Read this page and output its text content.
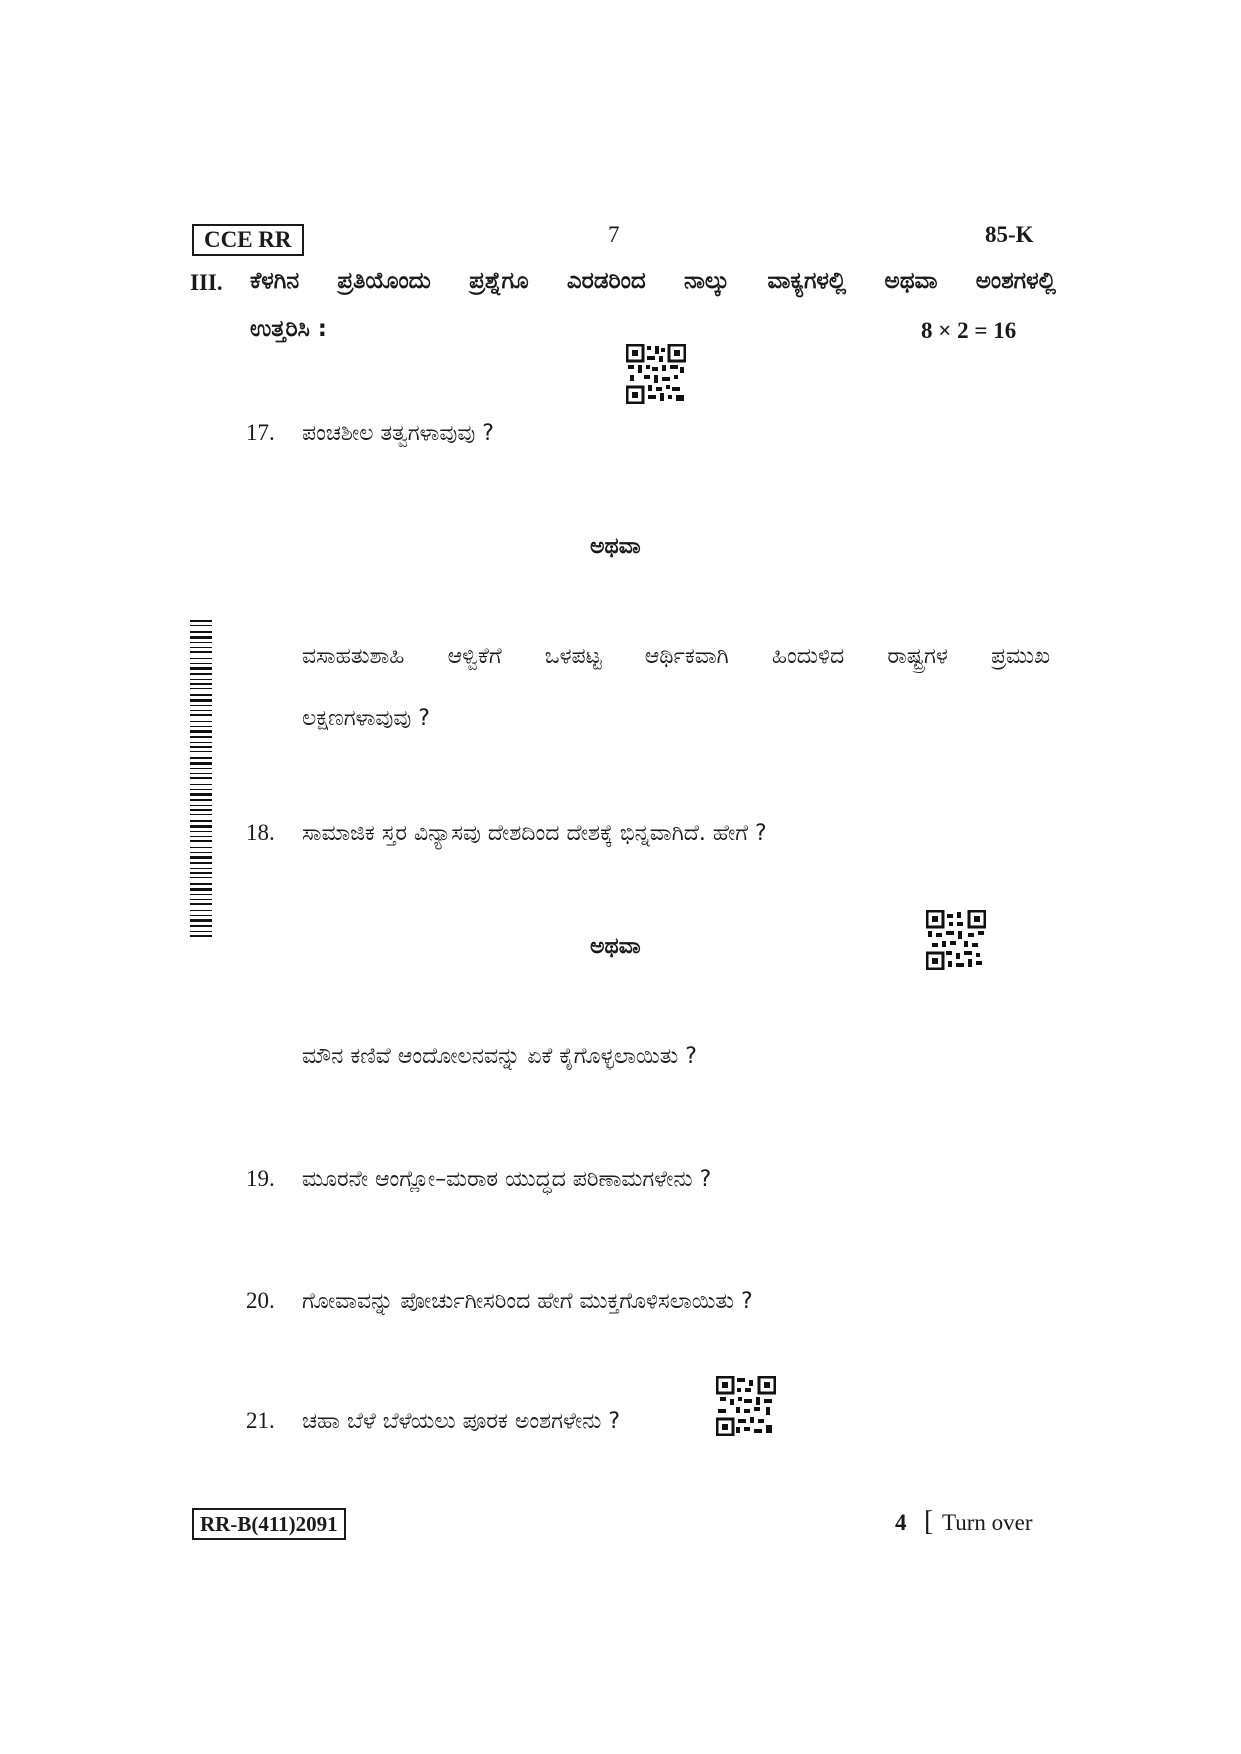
CCE RR	7	85-K
III. ಕೆಳಗಿನ ಪ್ರತಿಯೊಂದು ಪ್ರಶ್ನೆಗೂ ಎರಡರಿಂದ ನಾಲ್ಕು ವಾಕ್ಯಗಳಲ್ಲಿ ಅಥವಾ ಅಂಶಗಳಲ್ಲಿ
ಉತ್ತರಿಸಿ :	8 × 2 = 16
17. ಪಂಚಶೀಲ ತತ್ವಗಳಾವುವು ?
ಅಥವಾ
ವಸಾಹತುಶಾಹಿ ಆಳ್ವಿಕೆಗೆ ಒಳಪಟ್ಟ ಆರ್ಥಿಕವಾಗಿ ಹಿಂದುಳಿದ ರಾಷ್ಟ್ರಗಳ ಪ್ರಮುಖ
ಲಕ್ಷಣಗಳಾವುವು ?
18. ಸಾಮಾಜಿಕ ಸ್ತರ ವಿನ್ಯಾಸವು ದೇಶದಿಂದ ದೇಶಕ್ಕೆ ಭಿನ್ನವಾಗಿದೆ. ಹೇಗೆ ?
ಅಥವಾ
ಮೌನ ಕಣಿವೆ ಆಂದೋಲನವನ್ನು ಏಕೆ ಕೈಗೊಳ್ಳಲಾಯಿತು ?
19. ಮೂರನೇ ಆಂಗ್ಲೋ–ಮರಾಠ ಯುದ್ಧದ ಪರಿಣಾಮಗಳೇನು ?
20. ಗೋವಾವನ್ನು ಪೋರ್ಚುಗೀಸರಿಂದ ಹೇಗೆ ಮುಕ್ತಗೊಳಿಸಲಾಯಿತು ?
21. ಚಹಾ ಬೆಳೆ ಬೆಳೆಯಲು ಪೂರಕ ಅಂಶಗಳೇನು ?
RR-B(411)2091	4 [ Turn over
